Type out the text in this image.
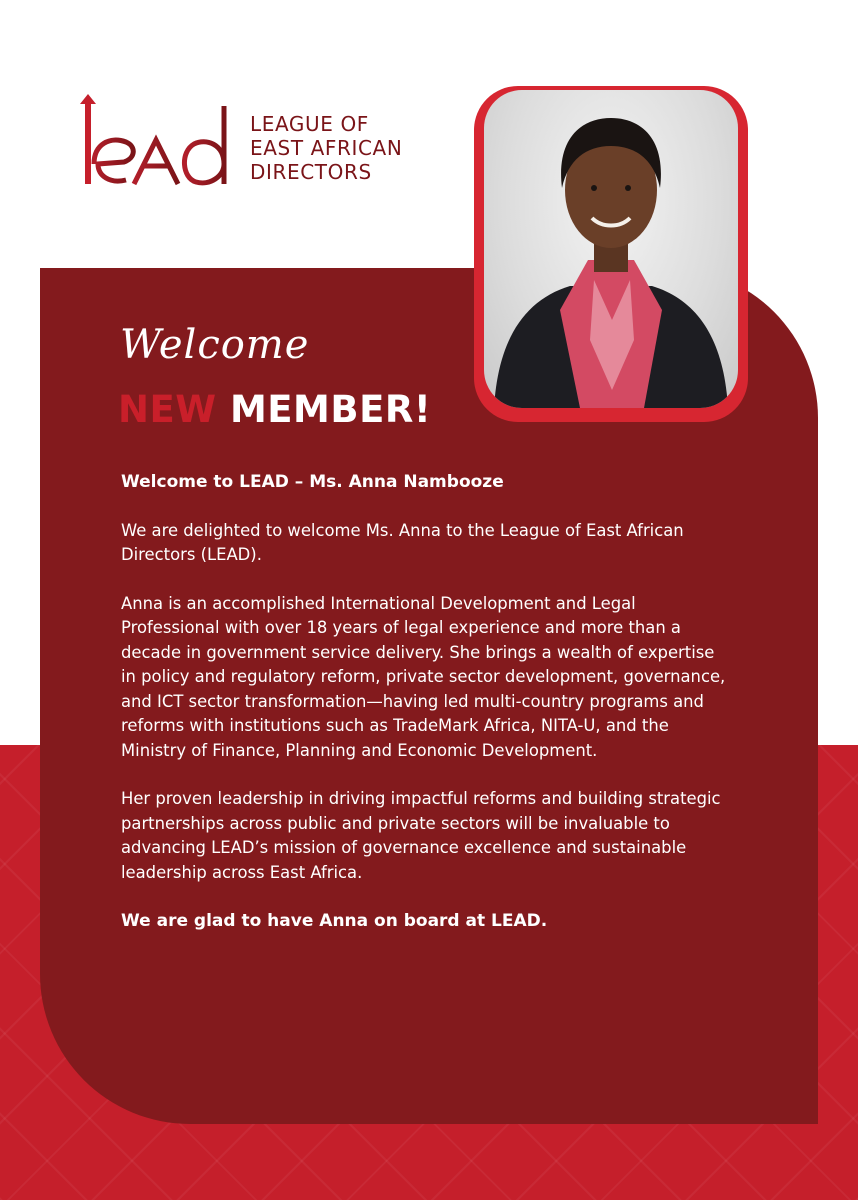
LEAGUE OF
EAST AFRICAN
DIRECTORS
Welcome
NEW MEMBER!

Welcome to LEAD – Ms. Anna Nambooze

We are delighted to welcome Ms. Anna to the League of East African Directors (LEAD).

Anna is an accomplished International Development and Legal Professional with over 18 years of legal experience and more than a decade in government service delivery. She brings a wealth of expertise in policy and regulatory reform, private sector development, governance, and ICT sector transformation—having led multi-country programs and reforms with institutions such as TradeMark Africa, NITA-U, and the Ministry of Finance, Planning and Economic Development.

Her proven leadership in driving impactful reforms and building strategic partnerships across public and private sectors will be invaluable to advancing LEAD’s mission of governance excellence and sustainable leadership across East Africa.

We are glad to have Anna on board at LEAD.
